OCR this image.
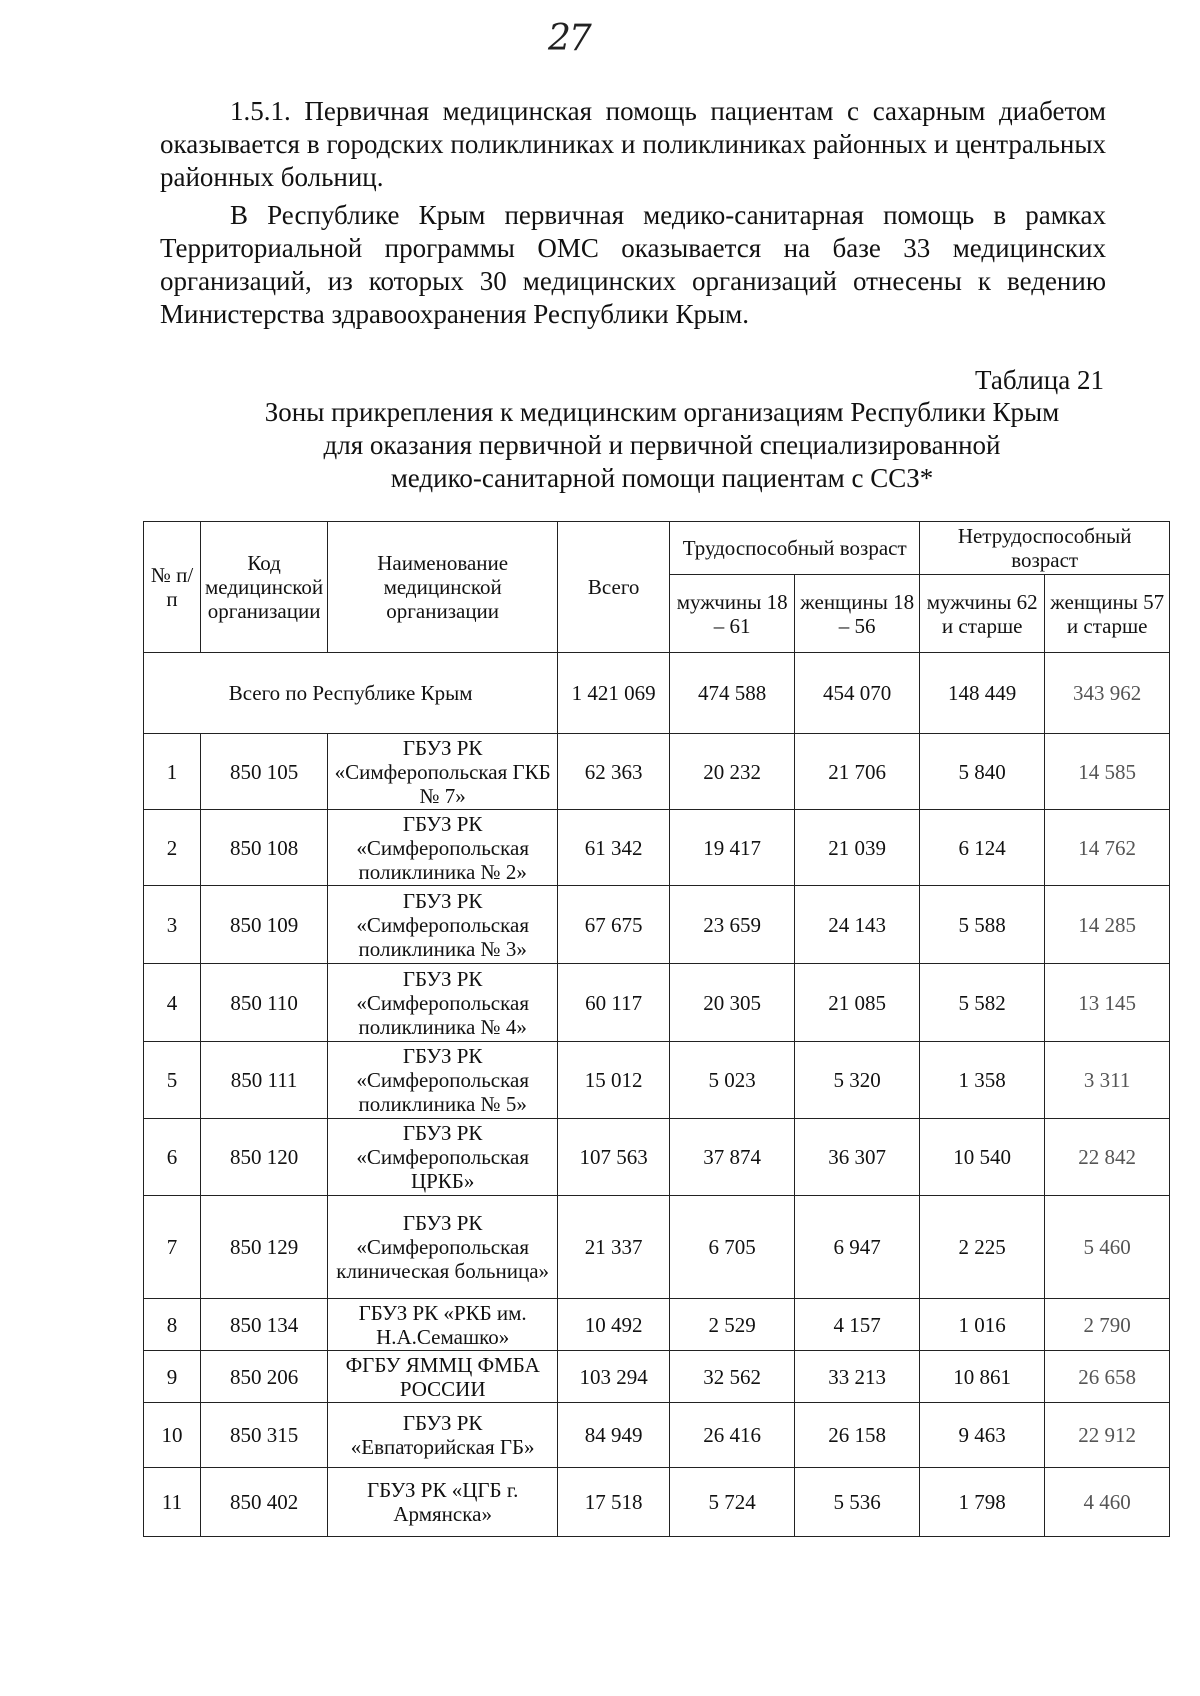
27

1.5.1. Первичная медицинская помощь пациентам с сахарным диабетом оказывается в городских поликлиниках и поликлиниках районных и центральных районных больниц.

В Республике Крым первичная медико-санитарная помощь в рамках Территориальной программы ОМС оказывается на базе 33 медицинских организаций, из которых 30 медицинских организаций отнесены к ведению Министерства здравоохранения Республики Крым.

Таблица 21
Зоны прикрепления к медицинским организациям Республики Крым
для оказания первичной и первичной специализированной
медико-санитарной помощи пациентам с ССЗ*
№ п/п	Код медицинской организации	Наименование медицинской организации	Всего	Трудоспособный возраст		Нетрудоспособный возраст	
				мужчины 18 – 61	женщины 18 – 56	мужчины 62 и старше	женщины 57 и старше
Всего по Республике Крым			1 421 069	474 588	454 070	148 449	343 962
1	850 105	ГБУЗ РК «Симферопольская ГКБ № 7»	62 363	20 232	21 706	5 840	14 585
2	850 108	ГБУЗ РК «Симферопольская поликлиника № 2»	61 342	19 417	21 039	6 124	14 762
3	850 109	ГБУЗ РК «Симферопольская поликлиника № 3»	67 675	23 659	24 143	5 588	14 285
4	850 110	ГБУЗ РК «Симферопольская поликлиника № 4»	60 117	20 305	21 085	5 582	13 145
5	850 111	ГБУЗ РК «Симферопольская поликлиника № 5»	15 012	5 023	5 320	1 358	3 311
6	850 120	ГБУЗ РК «Симферопольская ЦРКБ»	107 563	37 874	36 307	10 540	22 842
7	850 129	ГБУЗ РК «Симферопольская клиническая больница»	21 337	6 705	6 947	2 225	5 460
8	850 134	ГБУЗ РК «РКБ им. Н.А.Семашко»	10 492	2 529	4 157	1 016	2 790
9	850 206	ФГБУ ЯММЦ ФМБА РОССИИ	103 294	32 562	33 213	10 861	26 658
10	850 315	ГБУЗ РК «Евпаторийская ГБ»	84 949	26 416	26 158	9 463	22 912
11	850 402	ГБУЗ РК «ЦГБ г. Армянска»	17 518	5 724	5 536	1 798	4 460
